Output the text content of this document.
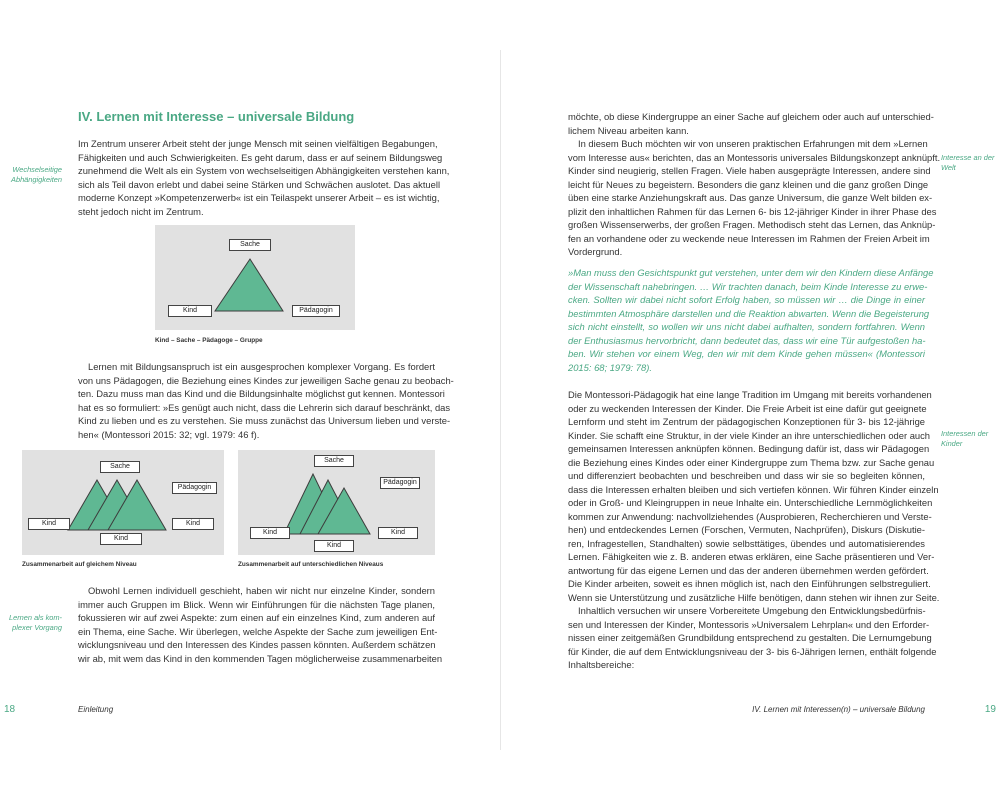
IV. Lernen mit Interesse – universale Bildung
Wechselseitige
Abhängigkeiten
Im Zentrum unserer Arbeit steht der junge Mensch mit seinen vielfältigen Begabungen,
Fähigkeiten und auch Schwierigkeiten. Es geht darum, dass er auf seinem Bildungsweg
zunehmend die Welt als ein System von wechselseitigen Abhängigkeiten verstehen kann,
sich als Teil davon erlebt und dabei seine Stärken und Schwächen auslotet. Das aktuell
moderne Konzept »Kompetenzerwerb« ist ein Teilaspekt unserer Arbeit – es ist wichtig,
steht jedoch nicht im Zentrum.
Sache
Kind	Pädagogin
Kind – Sache – Pädagoge – Gruppe
Lernen mit Bildungsanspruch ist ein ausgesprochen komplexer Vorgang. Es fordert
von uns Pädagogen, die Beziehung eines Kindes zur jeweiligen Sache genau zu beobach-
ten. Dazu muss man das Kind und die Bildungsinhalte möglichst gut kennen. Montessori
hat es so formuliert: »Es genügt auch nicht, dass die Lehrerin sich darauf beschränkt, das
Kind zu lieben und es zu verstehen. Sie muss zunächst das Universum lieben und verste-
hen« (Montessori 2015: 32; vgl. 1979: 46 f).
Sache
Pädagogin
Kind	Kind
Kind
Zusammenarbeit auf gleichem Niveau
Sache
Pädagogin
Kind	Kind
Kind
Zusammenarbeit auf unterschiedlichen Niveaus
Lernen als kom-
plexer Vorgang
Obwohl Lernen individuell geschieht, haben wir nicht nur einzelne Kinder, sondern
immer auch Gruppen im Blick. Wenn wir Einführungen für die nächsten Tage planen,
fokussieren wir auf zwei Aspekte: zum einen auf ein einzelnes Kind, zum anderen auf
ein Thema, eine Sache. Wir überlegen, welche Aspekte der Sache zum jeweiligen Ent-
wicklungsniveau und den Interessen des Kindes passen könnten. Außerdem schätzen
wir ab, mit wem das Kind in den kommenden Tagen möglicherweise zusammenarbeiten
18	Einleitung
möchte, ob diese Kindergruppe an einer Sache auf gleichem oder auch auf unterschied-
lichem Niveau arbeiten kann.
In diesem Buch möchten wir von unseren praktischen Erfahrungen mit dem »Lernen
vom Interesse aus« berichten, das an Montessoris universales Bildungskonzept anknüpft.
Kinder sind neugierig, stellen Fragen. Viele haben ausgeprägte Interessen, andere sind
leicht für Neues zu begeistern. Besonders die ganz kleinen und die ganz großen Dinge
üben eine starke Anziehungskraft aus. Das ganze Universum, die ganze Welt bilden ex-
plizit den inhaltlichen Rahmen für das Lernen 6- bis 12-jähriger Kinder in ihrer Phase des
großen Wissenserwerbs, der großen Fragen. Methodisch steht das Lernen, das Anknüp-
fen an vorhandene oder zu weckende neue Interessen im Rahmen der Freien Arbeit im
Vordergrund.
Interesse an der
Welt
»Man muss den Gesichtspunkt gut verstehen, unter dem wir den Kindern diese Anfänge
der Wissenschaft nahebringen. … Wir trachten danach, beim Kinde Interesse zu erwe-
cken. Sollten wir dabei nicht sofort Erfolg haben, so müssen wir … die Dinge in einer
bestimmten Atmosphäre darstellen und die Reaktion abwarten. Wenn die Begeisterung
sich nicht einstellt, so wollen wir uns nicht dabei aufhalten, sondern fortfahren. Wenn
der Enthusiasmus hervorbricht, dann bedeutet das, dass wir eine Tür aufgestoßen ha-
ben. Wir stehen vor einem Weg, den wir mit dem Kinde gehen müssen« (Montessori
2015: 68; 1979: 78).
Die Montessori-Pädagogik hat eine lange Tradition im Umgang mit bereits vorhandenen
oder zu weckenden Interessen der Kinder. Die Freie Arbeit ist eine dafür gut geeignete
Lernform und steht im Zentrum der pädagogischen Konzeptionen für 3- bis 12-jährige
Kinder. Sie schafft eine Struktur, in der viele Kinder an ihre unterschiedlichen oder auch
gemeinsamen Interessen anknüpfen können. Bedingung dafür ist, dass wir Pädagogen
die Beziehung eines Kindes oder einer Kindergruppe zum Thema bzw. zur Sache genau
und differenziert beobachten und beschreiben und dass wir sie so begleiten können,
dass die Interessen erhalten bleiben und sich vertiefen können. Wir führen Kinder einzeln
oder in Groß- und Kleingruppen in neue Inhalte ein. Unterschiedliche Lernmöglichkeiten
kommen zur Anwendung: nachvollziehendes (Ausprobieren, Recherchieren und Verste-
hen) und entdeckendes Lernen (Forschen, Vermuten, Nachprüfen), Diskurs (Diskutie-
ren, Infragestellen, Standhalten) sowie selbsttätiges, übendes und automatisierendes
Lernen. Fähigkeiten wie z. B. anderen etwas erklären, eine Sache präsentieren und Ver-
antwortung für das eigene Lernen und das der anderen übernehmen werden gefördert.
Die Kinder arbeiten, soweit es ihnen möglich ist, nach den Einführungen selbstreguliert.
Wenn sie Unterstützung und zusätzliche Hilfe benötigen, dann stehen wir ihnen zur Seite.
Interessen der
Kinder
Inhaltlich versuchen wir unsere Vorbereitete Umgebung den Entwicklungsbedürfnis-
sen und Interessen der Kinder, Montessoris »Universalem Lehrplan« und den Erforder-
nissen einer zeitgemäßen Grundbildung entsprechend zu gestalten. Die Lernumgebung
für Kinder, die auf dem Entwicklungsniveau der 3- bis 6-Jährigen lernen, enthält folgende
Inhaltsbereiche:
IV. Lernen mit Interessen(n) – universale Bildung	19
